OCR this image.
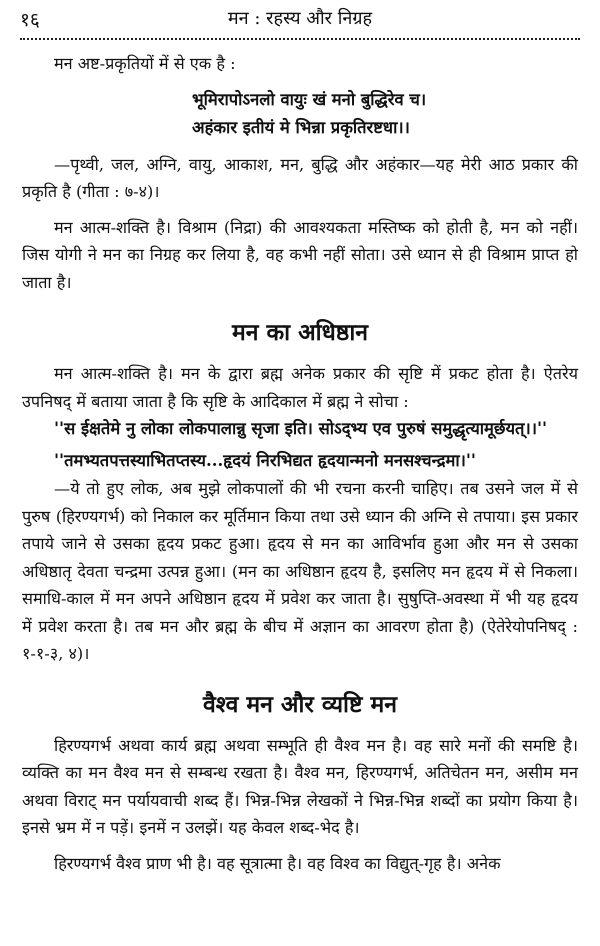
१६	मन : रहस्य और निग्रह

मन अष्ट-प्रकृतियों में से एक है :

भूमिरापोऽनलो वायुः खं मनो बुद्धिरेव च।

अहंकार इतीयं मे भिन्ना प्रकृतिरष्टधा।।

—पृथ्वी, जल, अग्नि, वायु, आकाश, मन, बुद्धि और अहंकार—यह मेरी आठ प्रकार की प्रकृति है (गीता : ७-४)।

मन आत्म-शक्ति है। विश्राम (निद्रा) की आवश्यकता मस्तिष्क को होती है, मन को नहीं। जिस योगी ने मन का निग्रह कर लिया है, वह कभी नहीं सोता। उसे ध्यान से ही विश्राम प्राप्त हो जाता है।

मन का अधिष्ठान

मन आत्म-शक्ति है। मन के द्वारा ब्रह्म अनेक प्रकार की सृष्टि में प्रकट होता है। ऐतरेय उपनिषद् में बताया जाता है कि सृष्टि के आदिकाल में ब्रह्म ने सोचा :

''स ईक्षतेमे नु लोका लोकपालान्नु सृजा इति। सोऽद्भ्य एव पुरुषं समुद्धृत्यामूर्छयत्।।''

''तमभ्यतपत्तस्याभितप्तस्य...हृदयं निरभिद्यत हृदयान्मनो मनसश्चन्द्रमा।''

—ये तो हुए लोक, अब मुझे लोकपालों की भी रचना करनी चाहिए। तब उसने जल में से पुरुष (हिरण्यगर्भ) को निकाल कर मूर्तिमान किया तथा उसे ध्यान की अग्नि से तपाया। इस प्रकार तपाये जाने से उसका हृदय प्रकट हुआ। हृदय से मन का आविर्भाव हुआ और मन से उसका अधिष्ठातृ देवता चन्द्रमा उत्पन्न हुआ। (मन का अधिष्ठान हृदय है, इसलिए मन हृदय में से निकला। समाधि-काल में मन अपने अधिष्ठान हृदय में प्रवेश कर जाता है। सुषुप्ति-अवस्था में भी यह हृदय में प्रवेश करता है। तब मन और ब्रह्म के बीच में अज्ञान का आवरण होता है) (ऐतेरेयोपनिषद् : १-१-३, ४)।

वैश्व मन और व्यष्टि मन

हिरण्यगर्भ अथवा कार्य ब्रह्म अथवा सम्भूति ही वैश्व मन है। वह सारे मनों की समष्टि है। व्यक्ति का मन वैश्व मन से सम्बन्ध रखता है। वैश्व मन, हिरण्यगर्भ, अतिचेतन मन, असीम मन अथवा विराट् मन पर्यायवाची शब्द हैं। भिन्न-भिन्न लेखकों ने भिन्न-भिन्न शब्दों का प्रयोग किया है। इनसे भ्रम में न पड़ें। इनमें न उलझें। यह केवल शब्द-भेद है।

हिरण्यगर्भ वैश्व प्राण भी है। वह सूत्रात्मा है। वह विश्व का विद्युत्-गृह है। अनेक
